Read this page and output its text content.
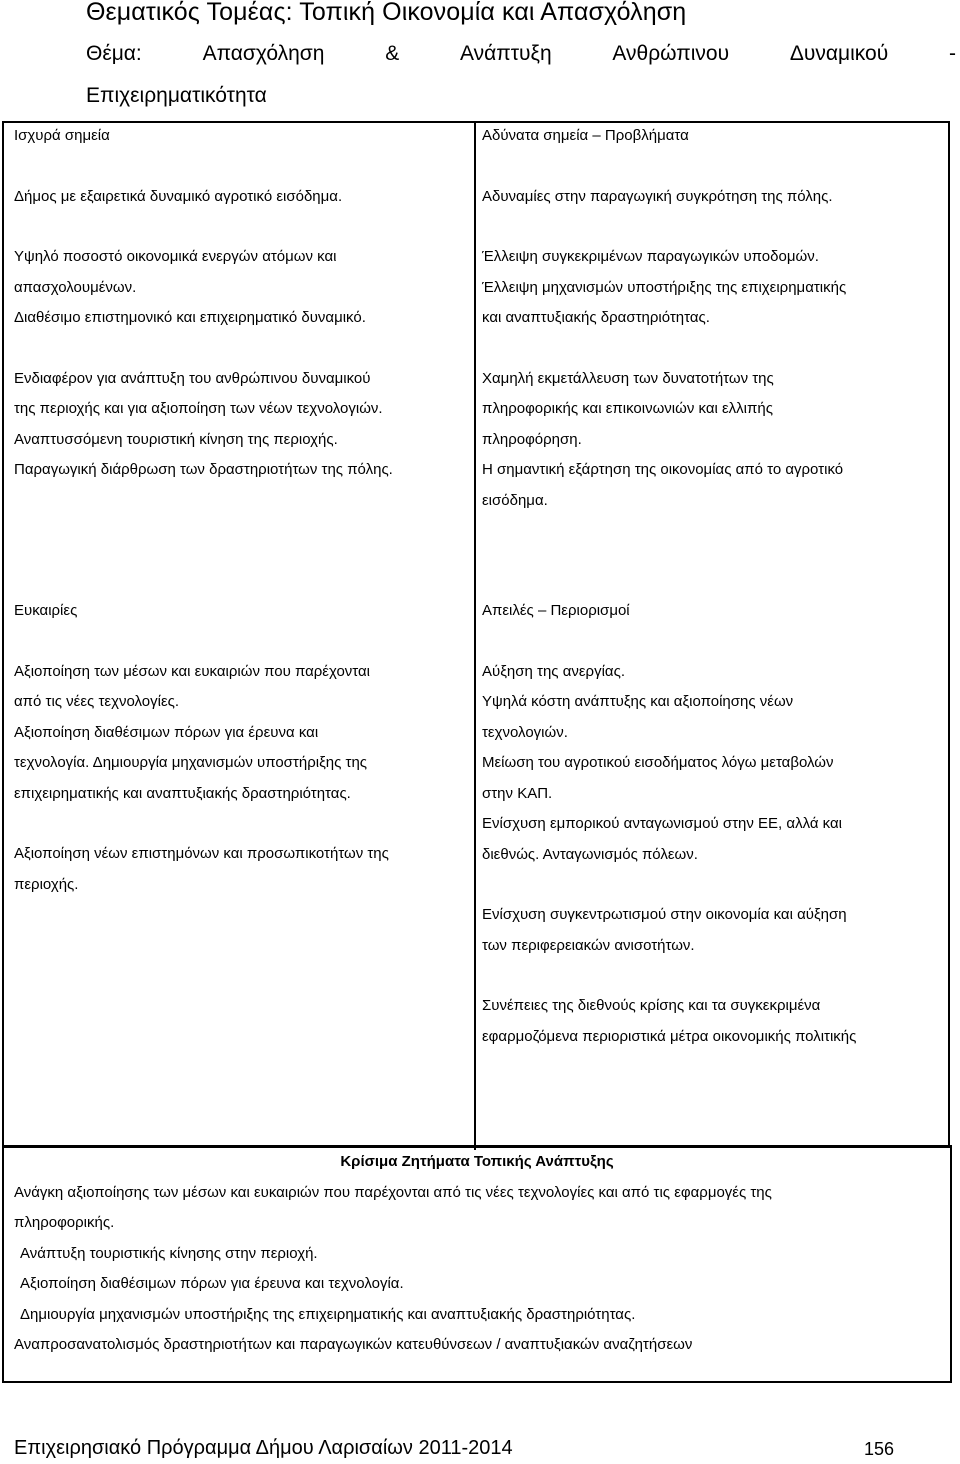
Θεματικός Τομέας: Τοπική Οικονομία και Απασχόληση
Θέμα:	Απασχόληση	&	Ανάπτυξη	Ανθρώπινου	Δυναμικού	-
Επιχειρηματικότητα

Ισχυρά σημεία

Δήμος με εξαιρετικά δυναμικό αγροτικό εισόδημα.

Υψηλό ποσοστό οικονομικά ενεργών ατόμων και

απασχολουμένων.

Διαθέσιμο επιστημονικό και επιχειρηματικό δυναμικό.

Ενδιαφέρον για ανάπτυξη του ανθρώπινου δυναμικού

της περιοχής και για αξιοποίηση των νέων τεχνολογιών.

Αναπτυσσόμενη τουριστική κίνηση της περιοχής.

Παραγωγική διάρθρωση των δραστηριοτήτων της πόλης.

Αδύνατα σημεία – Προβλήματα

Αδυναμίες στην παραγωγική συγκρότηση της πόλης.

Έλλειψη συγκεκριμένων παραγωγικών υποδομών.

Έλλειψη μηχανισμών υποστήριξης της επιχειρηματικής

και αναπτυξιακής δραστηριότητας.

Χαμηλή εκμετάλλευση των δυνατοτήτων της

πληροφορικής και επικοινωνιών και ελλιπής

πληροφόρηση.

Η σημαντική εξάρτηση της οικονομίας από το αγροτικό

εισόδημα.

Ευκαιρίες

Αξιοποίηση των μέσων και ευκαιριών που παρέχονται

από τις νέες τεχνολογίες.

Αξιοποίηση διαθέσιμων πόρων για έρευνα και

τεχνολογία. Δημιουργία μηχανισμών υποστήριξης της

επιχειρηματικής και αναπτυξιακής δραστηριότητας.

Αξιοποίηση νέων επιστημόνων και προσωπικοτήτων της

περιοχής.

Απειλές – Περιορισμοί

Αύξηση της ανεργίας.

Υψηλά κόστη ανάπτυξης και αξιοποίησης νέων

τεχνολογιών.

Μείωση του αγροτικού εισοδήματος λόγω μεταβολών

στην ΚΑΠ.

Ενίσχυση εμπορικού ανταγωνισμού στην ΕΕ, αλλά και

διεθνώς. Ανταγωνισμός πόλεων.

Ενίσχυση συγκεντρωτισμού στην οικονομία και αύξηση

των περιφερειακών ανισοτήτων.

Συνέπειες της διεθνούς κρίσης και τα συγκεκριμένα

εφαρμοζόμενα περιοριστικά μέτρα οικονομικής πολιτικής

Κρίσιμα Ζητήματα Τοπικής Ανάπτυξης

Ανάγκη αξιοποίησης των μέσων και ευκαιριών που παρέχονται από τις νέες τεχνολογίες και από τις εφαρμογές της

πληροφορικής.

Ανάπτυξη τουριστικής κίνησης στην περιοχή.

Αξιοποίηση διαθέσιμων πόρων για έρευνα και τεχνολογία.

Δημιουργία μηχανισμών υποστήριξης της επιχειρηματικής και αναπτυξιακής δραστηριότητας.

Αναπροσανατολισμός δραστηριοτήτων και παραγωγικών κατευθύνσεων / αναπτυξιακών αναζητήσεων

Επιχειρησιακό Πρόγραμμα Δήμου Λαρισαίων 2011-2014	156
